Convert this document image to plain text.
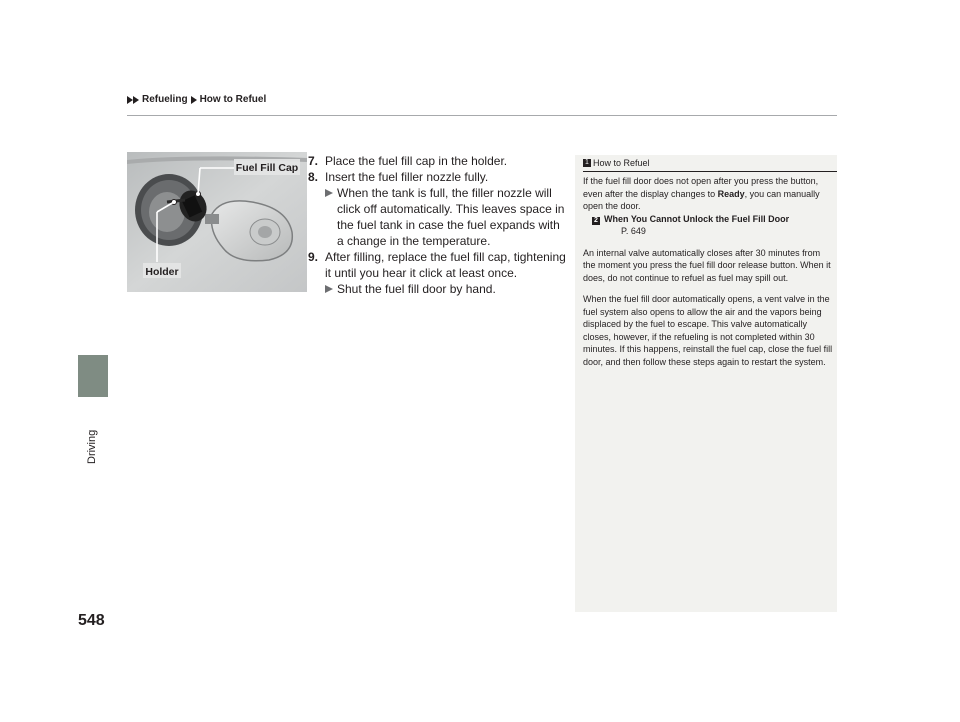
Refueling How to Refuel
Driving
548
Fuel Fill Cap
Holder
7. Place the fuel fill cap in the holder.
8. Insert the fuel filler nozzle fully.
When the tank is full, the filler nozzle will click off automatically. This leaves space in the fuel tank in case the fuel expands with a change in the temperature.
9. After filling, replace the fuel fill cap, tightening it until you hear it click at least once.
Shut the fuel fill door by hand.
1 How to Refuel

If the fuel fill door does not open after you press the button, even after the display changes to Ready, you can manually open the door.
2 When You Cannot Unlock the Fuel Fill Door
P. 649

An internal valve automatically closes after 30 minutes from the moment you press the fuel fill door release button. When it does, do not continue to refuel as fuel may spill out.

When the fuel fill door automatically opens, a vent valve in the fuel system also opens to allow the air and the vapors being displaced by the fuel to escape. This valve automatically closes, however, if the refueling is not completed within 30 minutes. If this happens, reinstall the fuel cap, close the fuel fill door, and then follow these steps again to restart the system.
